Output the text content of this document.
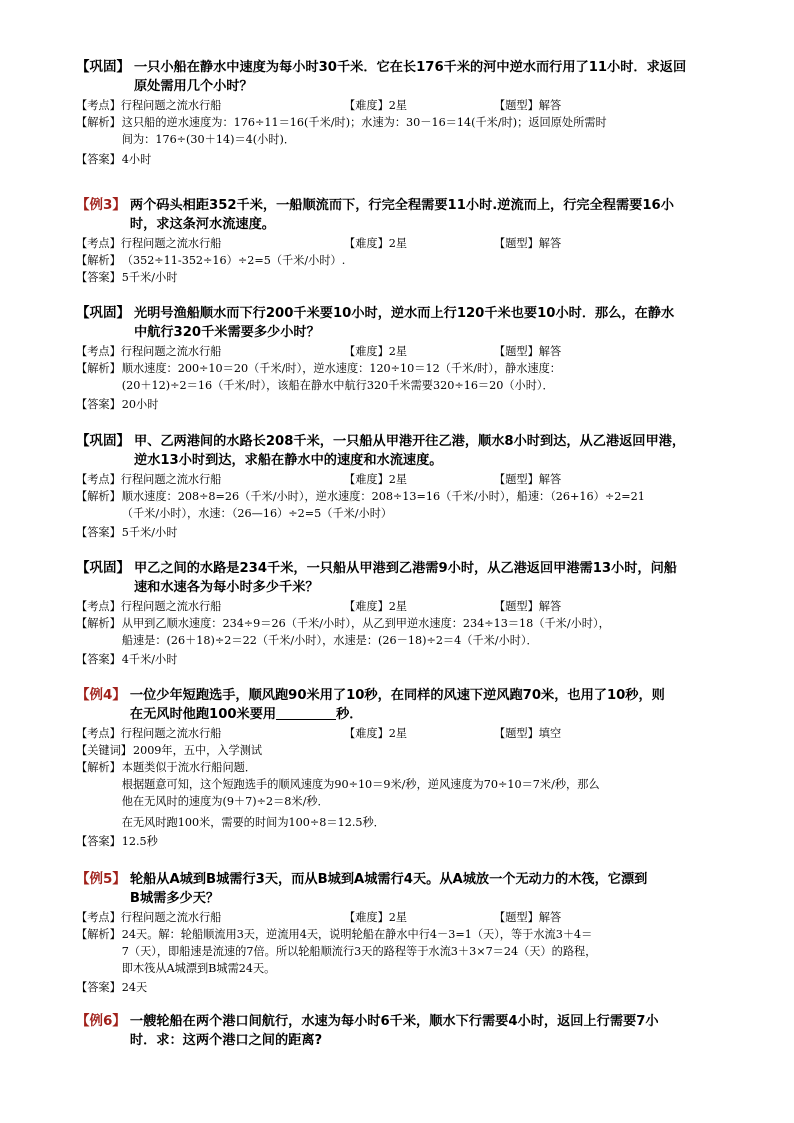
【巩固】 一只小船在静水中速度为每小时30千米．它在长176千米的河中逆水而行用了11小时．求返回
原处需用几个小时？
【考点】行程问题之流水行船	【难度】2星	【题型】解答
【解析】 这只船的逆水速度为：176÷11＝16(千米/时)；水速为：30－16＝14(千米/时)；返回原处所需时
间为：176÷(30＋14)＝4(小时)．
【答案】 4小时
【例3】 两个码头相距352千米，一船顺流而下，行完全程需要11小时.逆流而上，行完全程需要16小
时，求这条河水流速度。
【考点】行程问题之流水行船	【难度】2星	【题型】解答
【解析】 （352÷11-352÷16）÷2=5（千米/小时）.
【答案】 5千米/小时
【巩固】 光明号渔船顺水而下行200千米要10小时，逆水而上行120千米也要10小时．那么，在静水
中航行320千米需要多少小时？
【考点】行程问题之流水行船	【难度】2星	【题型】解答
【解析】 顺水速度：200÷10＝20（千米/时），逆水速度：120÷10＝12（千米/时），静水速度：
(20＋12)÷2＝16（千米/时），该船在静水中航行320千米需要320÷16＝20（小时）．
【答案】 20小时
【巩固】 甲、乙两港间的水路长208千米，一只船从甲港开往乙港，顺水8小时到达，从乙港返回甲港，
逆水13小时到达，求船在静水中的速度和水流速度。
【考点】行程问题之流水行船	【难度】2星	【题型】解答
【解析】 顺水速度：208÷8=26（千米/小时），逆水速度：208÷13=16（千米/小时），船速：（26+16）÷2=21
（千米/小时），水速：（26—16）÷2=5（千米/小时）
【答案】 5千米/小时
【巩固】 甲乙之间的水路是234千米，一只船从甲港到乙港需9小时，从乙港返回甲港需13小时，问船
速和水速各为每小时多少千米？
【考点】行程问题之流水行船	【难度】2星	【题型】解答
【解析】 从甲到乙顺水速度：234÷9＝26（千米/小时），从乙到甲逆水速度：234÷13＝18（千米/小时），
船速是：(26＋18)÷2＝22（千米/小时），水速是：(26－18)÷2＝4（千米/小时）．
【答案】 4千米/小时
【例4】 一位少年短跑选手，顺风跑90米用了10秒，在同样的风速下逆风跑70米，也用了10秒，则
在无风时他跑100米要用	秒．
【考点】行程问题之流水行船	【难度】2星	【题型】填空
【关键词】 2009年，五中，入学测试
【解析】 本题类似于流水行船问题．
根据题意可知，这个短跑选手的顺风速度为90÷10＝9米/秒，逆风速度为70÷10＝7米/秒，那么
他在无风时的速度为(9＋7)÷2＝8米/秒．
在无风时跑100米，需要的时间为100÷8＝12.5秒．
【答案】 12.5秒
【例5】 轮船从A城到B城需行3天，而从B城到A城需行4天。从A城放一个无动力的木筏，它漂到
B城需多少天？
【考点】行程问题之流水行船	【难度】2星	【题型】解答
【解析】 24天。解：轮船顺流用3天，逆流用4天，说明轮船在静水中行4－3=1（天），等于水流3＋4＝
7（天），即船速是流速的7倍。所以轮船顺流行3天的路程等于水流3＋3×7＝24（天）的路程，
即木筏从A城漂到B城需24天。
【答案】 24天
【例6】 一艘轮船在两个港口间航行，水速为每小时6千米，顺水下行需要4小时，返回上行需要7小
时．求：这两个港口之间的距离?
